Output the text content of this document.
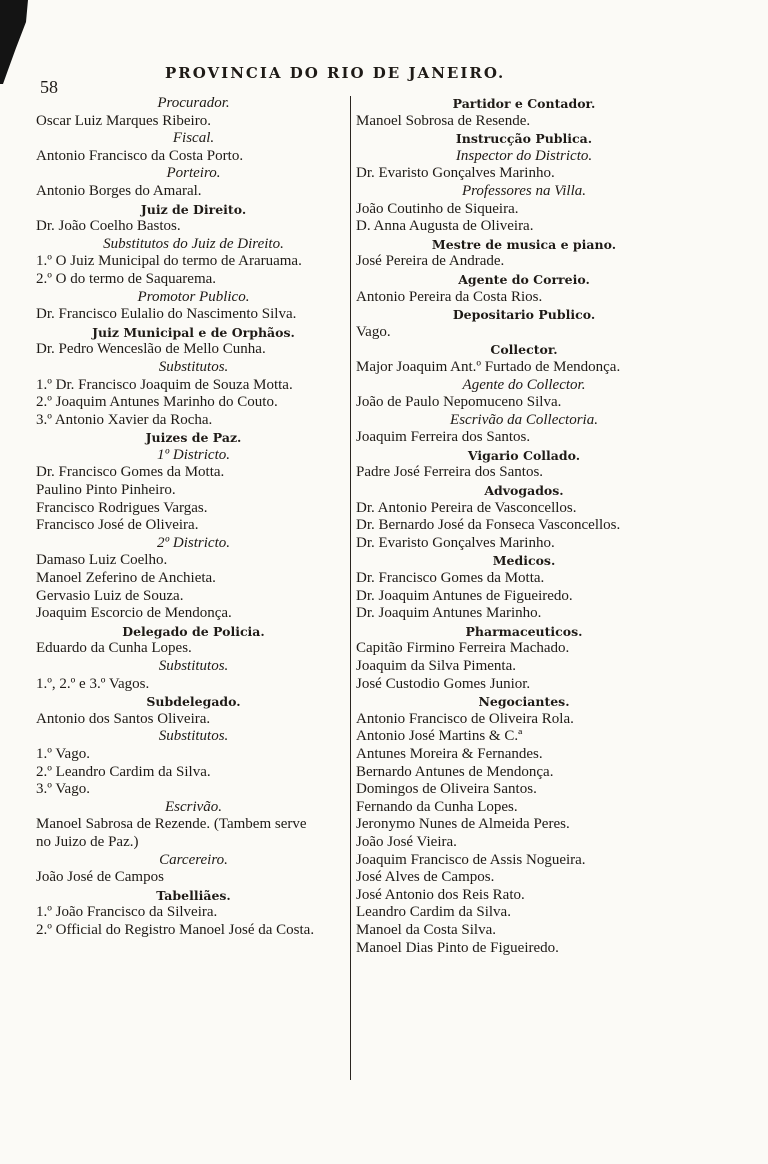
58
PROVINCIA DO RIO DE JANEIRO.
Procurador.
Oscar Luiz Marques Ribeiro.
Fiscal.
Antonio Francisco da Costa Porto.
Porteiro.
Antonio Borges do Amaral.
Juiz de Direito.
Dr. João Coelho Bastos.
Substitutos do Juiz de Direito.
1.º O Juiz Municipal do termo de Araruama.
2.º O do termo de Saquarema.
Promotor Publico.
Dr. Francisco Eulalio do Nascimento Silva.
Juiz Municipal e de Orphãos.
Dr. Pedro Wenceslão de Mello Cunha.
Substitutos.
1.º Dr. Francisco Joaquim de Souza Motta.
2.º Joaquim Antunes Marinho do Couto.
3.º Antonio Xavier da Rocha.
Juizes de Paz.
1º Districto.
Dr. Francisco Gomes da Motta.
Paulino Pinto Pinheiro.
Francisco Rodrigues Vargas.
Francisco José de Oliveira.
2º Districto.
Damaso Luiz Coelho.
Manoel Zeferino de Anchieta.
Gervasio Luiz de Souza.
Joaquim Escorcio de Mendonça.
Delegado de Policia.
Eduardo da Cunha Lopes.
Substitutos.
1.º, 2.º e 3.º Vagos.
Subdelegado.
Antonio dos Santos Oliveira.
Substitutos.
1.º Vago.
2.º Leandro Cardim da Silva.
3.º Vago.
Escrivão.
Manoel Sabrosa de Rezende. (Tambem serve
no Juizo de Paz.)
Carcereiro.
João José de Campos
Tabelliães.
1.º João Francisco da Silveira.
2.º Official do Registro Manoel José da Costa.
Partidor e Contador.
Manoel Sobrosa de Resende.
Instrucção Publica.
Inspector do Districto.
Dr. Evaristo Gonçalves Marinho.
Professores na Villa.
João Coutinho de Siqueira.
D. Anna Augusta de Oliveira.
Mestre de musica e piano.
José Pereira de Andrade.
Agente do Correio.
Antonio Pereira da Costa Rios.
Depositario Publico.
Vago.
Collector.
Major Joaquim Ant.º Furtado de Mendonça.
Agente do Collector.
João de Paulo Nepomuceno Silva.
Escrivão da Collectoria.
Joaquim Ferreira dos Santos.
Vigario Collado.
Padre José Ferreira dos Santos.
Advogados.
Dr. Antonio Pereira de Vasconcellos.
Dr. Bernardo José da Fonseca Vasconcellos.
Dr. Evaristo Gonçalves Marinho.
Medicos.
Dr. Francisco Gomes da Motta.
Dr. Joaquim Antunes de Figueiredo.
Dr. Joaquim Antunes Marinho.
Pharmaceuticos.
Capitão Firmino Ferreira Machado.
Joaquim da Silva Pimenta.
José Custodio Gomes Junior.
Negociantes.
Antonio Francisco de Oliveira Rola.
Antonio José Martins & C.ª
Antunes Moreira & Fernandes.
Bernardo Antunes de Mendonça.
Domingos de Oliveira Santos.
Fernando da Cunha Lopes.
Jeronymo Nunes de Almeida Peres.
João José Vieira.
Joaquim Francisco de Assis Nogueira.
José Alves de Campos.
José Antonio dos Reis Rato.
Leandro Cardim da Silva.
Manoel da Costa Silva.
Manoel Dias Pinto de Figueiredo.
